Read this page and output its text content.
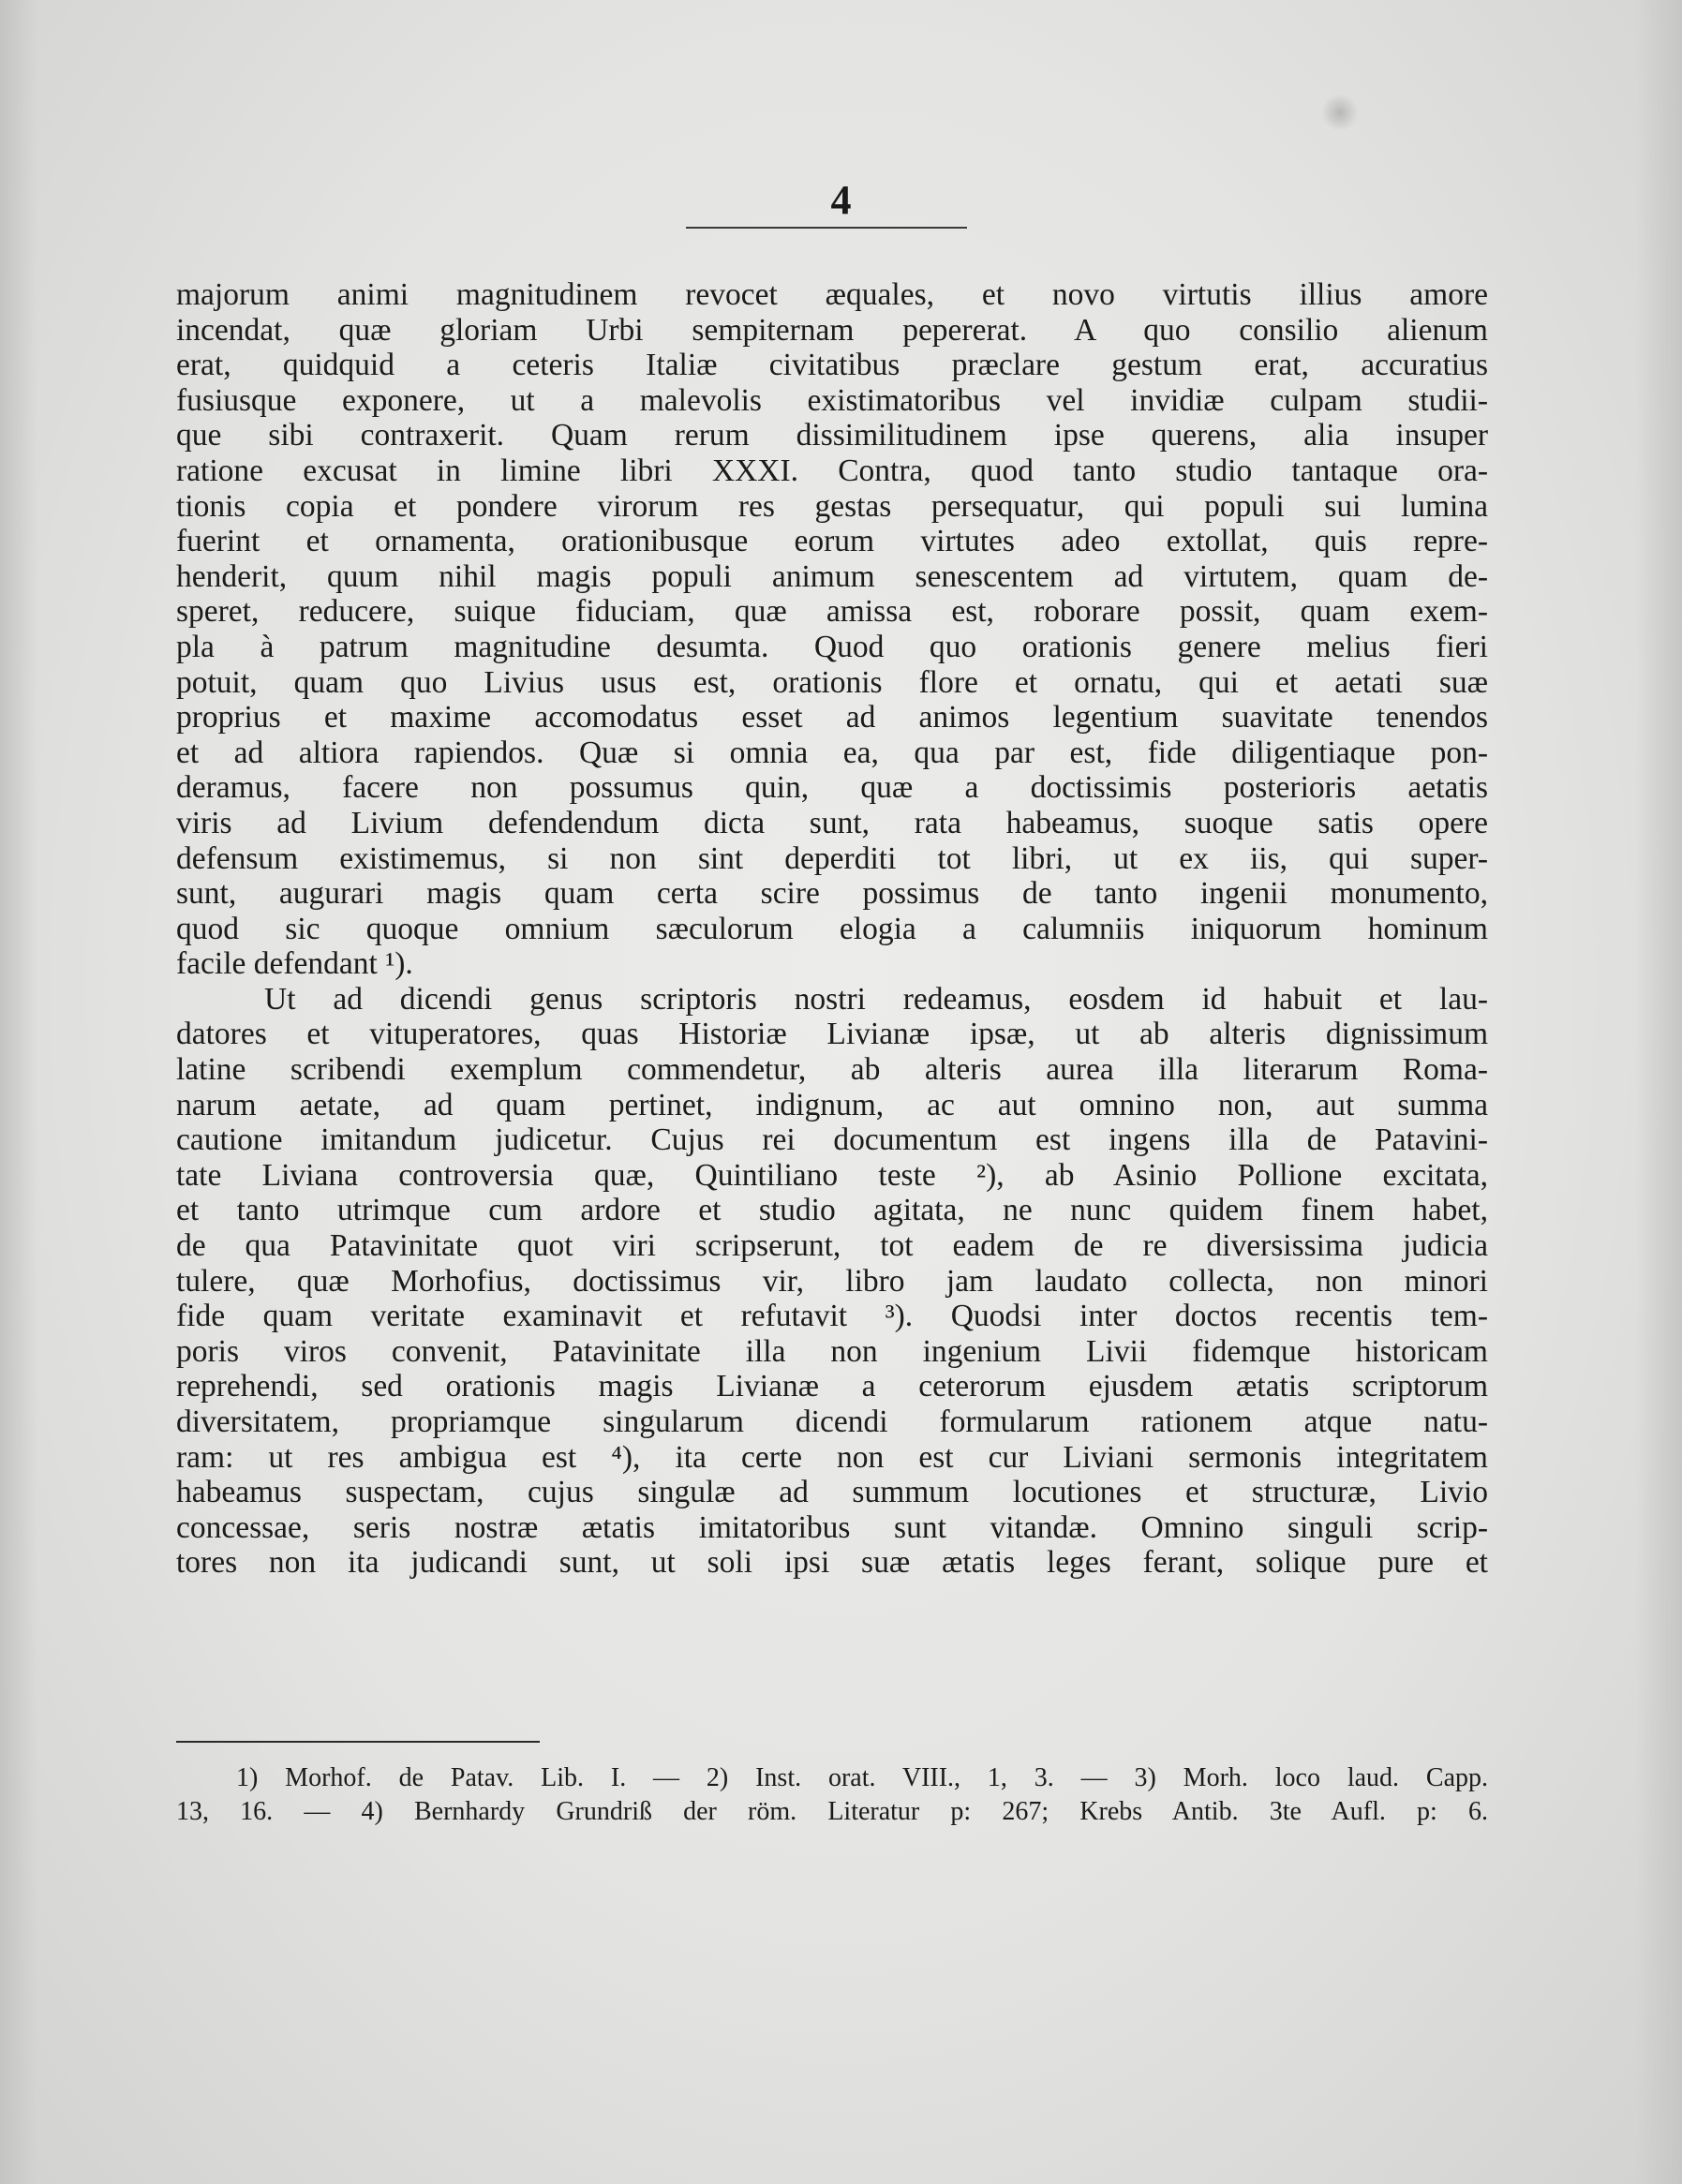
4
majorum animi magnitudinem revocet æquales, et novo virtutis illius amore
incendat, quæ gloriam Urbi sempiternam pepererat. A quo consilio alienum
erat, quidquid a ceteris Italiæ civitatibus præclare gestum erat, accuratius
fusiusque exponere, ut a malevolis existimatoribus vel invidiæ culpam studii-
que sibi contraxerit. Quam rerum dissimilitudinem ipse querens, alia insuper
ratione excusat in limine libri XXXI. Contra, quod tanto studio tantaque ora-
tionis copia et pondere virorum res gestas persequatur, qui populi sui lumina
fuerint et ornamenta, orationibusque eorum virtutes adeo extollat, quis repre-
henderit, quum nihil magis populi animum senescentem ad virtutem, quam de-
speret, reducere, suique fiduciam, quæ amissa est, roborare possit, quam exem-
pla à patrum magnitudine desumta. Quod quo orationis genere melius fieri
potuit, quam quo Livius usus est, orationis flore et ornatu, qui et aetati suæ
proprius et maxime accomodatus esset ad animos legentium suavitate tenendos
et ad altiora rapiendos. Quæ si omnia ea, qua par est, fide diligentiaque pon-
deramus, facere non possumus quin, quæ a doctissimis posterioris aetatis
viris ad Livium defendendum dicta sunt, rata habeamus, suoque satis opere
defensum existimemus, si non sint deperditi tot libri, ut ex iis, qui super-
sunt, augurari magis quam certa scire possimus de tanto ingenii monumento,
quod sic quoque omnium sæculorum elogia a calumniis iniquorum hominum
facile defendant ¹).
Ut ad dicendi genus scriptoris nostri redeamus, eosdem id habuit et lau-
datores et vituperatores, quas Historiæ Livianæ ipsæ, ut ab alteris dignissimum
latine scribendi exemplum commendetur, ab alteris aurea illa literarum Roma-
narum aetate, ad quam pertinet, indignum, ac aut omnino non, aut summa
cautione imitandum judicetur. Cujus rei documentum est ingens illa de Patavini-
tate Liviana controversia quæ, Quintiliano teste ²), ab Asinio Pollione excitata,
et tanto utrimque cum ardore et studio agitata, ne nunc quidem finem habet,
de qua Patavinitate quot viri scripserunt, tot eadem de re diversissima judicia
tulere, quæ Morhofius, doctissimus vir, libro jam laudato collecta, non minori
fide quam veritate examinavit et refutavit ³). Quodsi inter doctos recentis tem-
poris viros convenit, Patavinitate illa non ingenium Livii fidemque historicam
reprehendi, sed orationis magis Livianæ a ceterorum ejusdem ætatis scriptorum
diversitatem, propriamque singularum dicendi formularum rationem atque natu-
ram: ut res ambigua est ⁴), ita certe non est cur Liviani sermonis integritatem
habeamus suspectam, cujus singulæ ad summum locutiones et structuræ, Livio
concessae, seris nostræ ætatis imitatoribus sunt vitandæ. Omnino singuli scrip-
tores non ita judicandi sunt, ut soli ipsi suæ ætatis leges ferant, solique pure et
1) Morhof. de Patav. Lib. I. — 2) Inst. orat. VIII., 1, 3. — 3) Morh. loco laud. Capp.
13, 16. — 4) Bernhardy Grundriß der röm. Literatur p: 267; Krebs Antib. 3te Aufl. p: 6.
